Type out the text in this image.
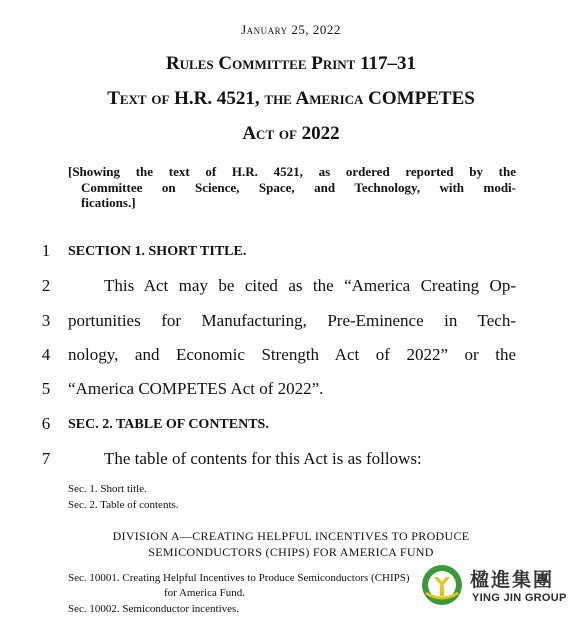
January 25, 2022
Rules Committee Print 117–31
Text of H.R. 4521, the America COMPETES
Act of 2022
[Showing the text of H.R. 4521, as ordered reported by the
Committee on Science, Space, and Technology, with modi-
fications.]
1 SECTION 1. SHORT TITLE.
2	This Act may be cited as the “America Creating Op-
3 portunities for Manufacturing, Pre-Eminence in Tech-
4 nology, and Economic Strength Act of 2022” or the
5 “America COMPETES Act of 2022”.
6 SEC. 2. TABLE OF CONTENTS.
7	The table of contents for this Act is as follows:
Sec. 1. Short title.
Sec. 2. Table of contents.
DIVISION A—CREATING HELPFUL INCENTIVES TO PRODUCE
SEMICONDUCTORS (CHIPS) FOR AMERICA FUND
Sec. 10001. Creating Helpful Incentives to Produce Semiconductors (CHIPS)
for America Fund.
Sec. 10002. Semiconductor incentives.
楹進集團
YING JIN GROUP
